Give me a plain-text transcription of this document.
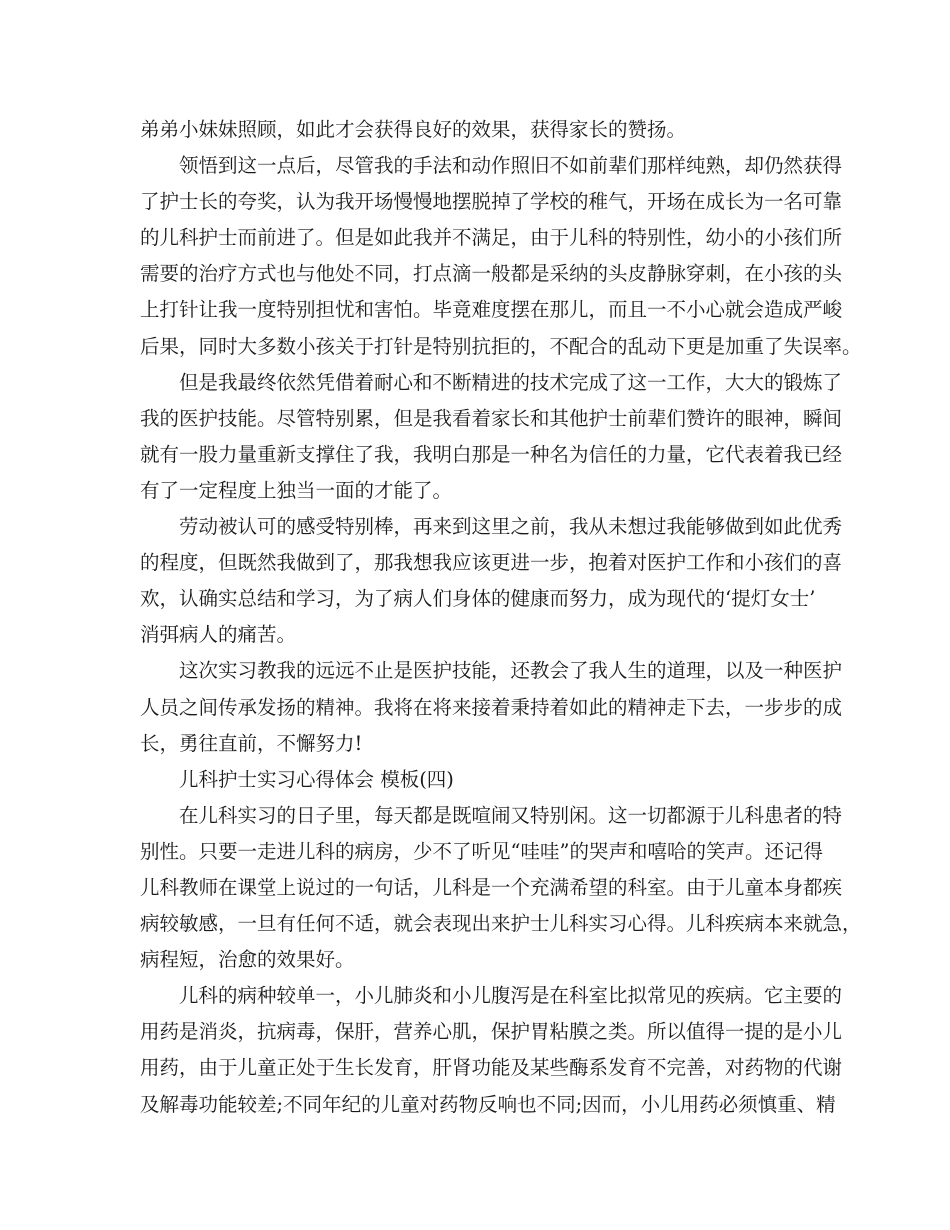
弟弟小妹妹照顾，如此才会获得良好的效果，获得家长的赞扬。
领悟到这一点后，尽管我的手法和动作照旧不如前辈们那样纯熟，却仍然获得
了护士长的夸奖，认为我开场慢慢地摆脱掉了学校的稚气，开场在成长为一名可靠
的儿科护士而前进了。但是如此我并不满足，由于儿科的特别性，幼小的小孩们所
需要的治疗方式也与他处不同，打点滴一般都是采纳的头皮静脉穿刺，在小孩的头
上打针让我一度特别担忧和害怕。毕竟难度摆在那儿，而且一不小心就会造成严峻
后果，同时大多数小孩关于打针是特别抗拒的，不配合的乱动下更是加重了失误率。
但是我最终依然凭借着耐心和不断精进的技术完成了这一工作，大大的锻炼了
我的医护技能。尽管特别累，但是我看着家长和其他护士前辈们赞许的眼神，瞬间
就有一股力量重新支撑住了我，我明白那是一种名为信任的力量，它代表着我已经
有了一定程度上独当一面的才能了。
劳动被认可的感受特别棒，再来到这里之前，我从未想过我能够做到如此优秀
的程度，但既然我做到了，那我想我应该更进一步，抱着对医护工作和小孩们的喜
欢，认确实总结和学习，为了病人们身体的健康而努力，成为现代的‘提灯女士’
消弭病人的痛苦。
这次实习教我的远远不止是医护技能，还教会了我人生的道理，以及一种医护
人员之间传承发扬的精神。我将在将来接着秉持着如此的精神走下去，一步步的成
长，勇往直前，不懈努力!
儿科护士实习心得体会 模板(四)
在儿科实习的日子里，每天都是既喧闹又特别闲。这一切都源于儿科患者的特
别性。只要一走进儿科的病房，少不了听见“哇哇”的哭声和嘻哈的笑声。还记得
儿科教师在课堂上说过的一句话，儿科是一个充满希望的科室。由于儿童本身都疾
病较敏感，一旦有任何不适，就会表现出来护士儿科实习心得。儿科疾病本来就急，
病程短，治愈的效果好。
儿科的病种较单一，小儿肺炎和小儿腹泻是在科室比拟常见的疾病。它主要的
用药是消炎，抗病毒，保肝，营养心肌，保护胃粘膜之类。所以值得一提的是小儿
用药，由于儿童正处于生长发育，肝肾功能及某些酶系发育不完善，对药物的代谢
及解毒功能较差;不同年纪的儿童对药物反响也不同;因而，小儿用药必须慎重、精
